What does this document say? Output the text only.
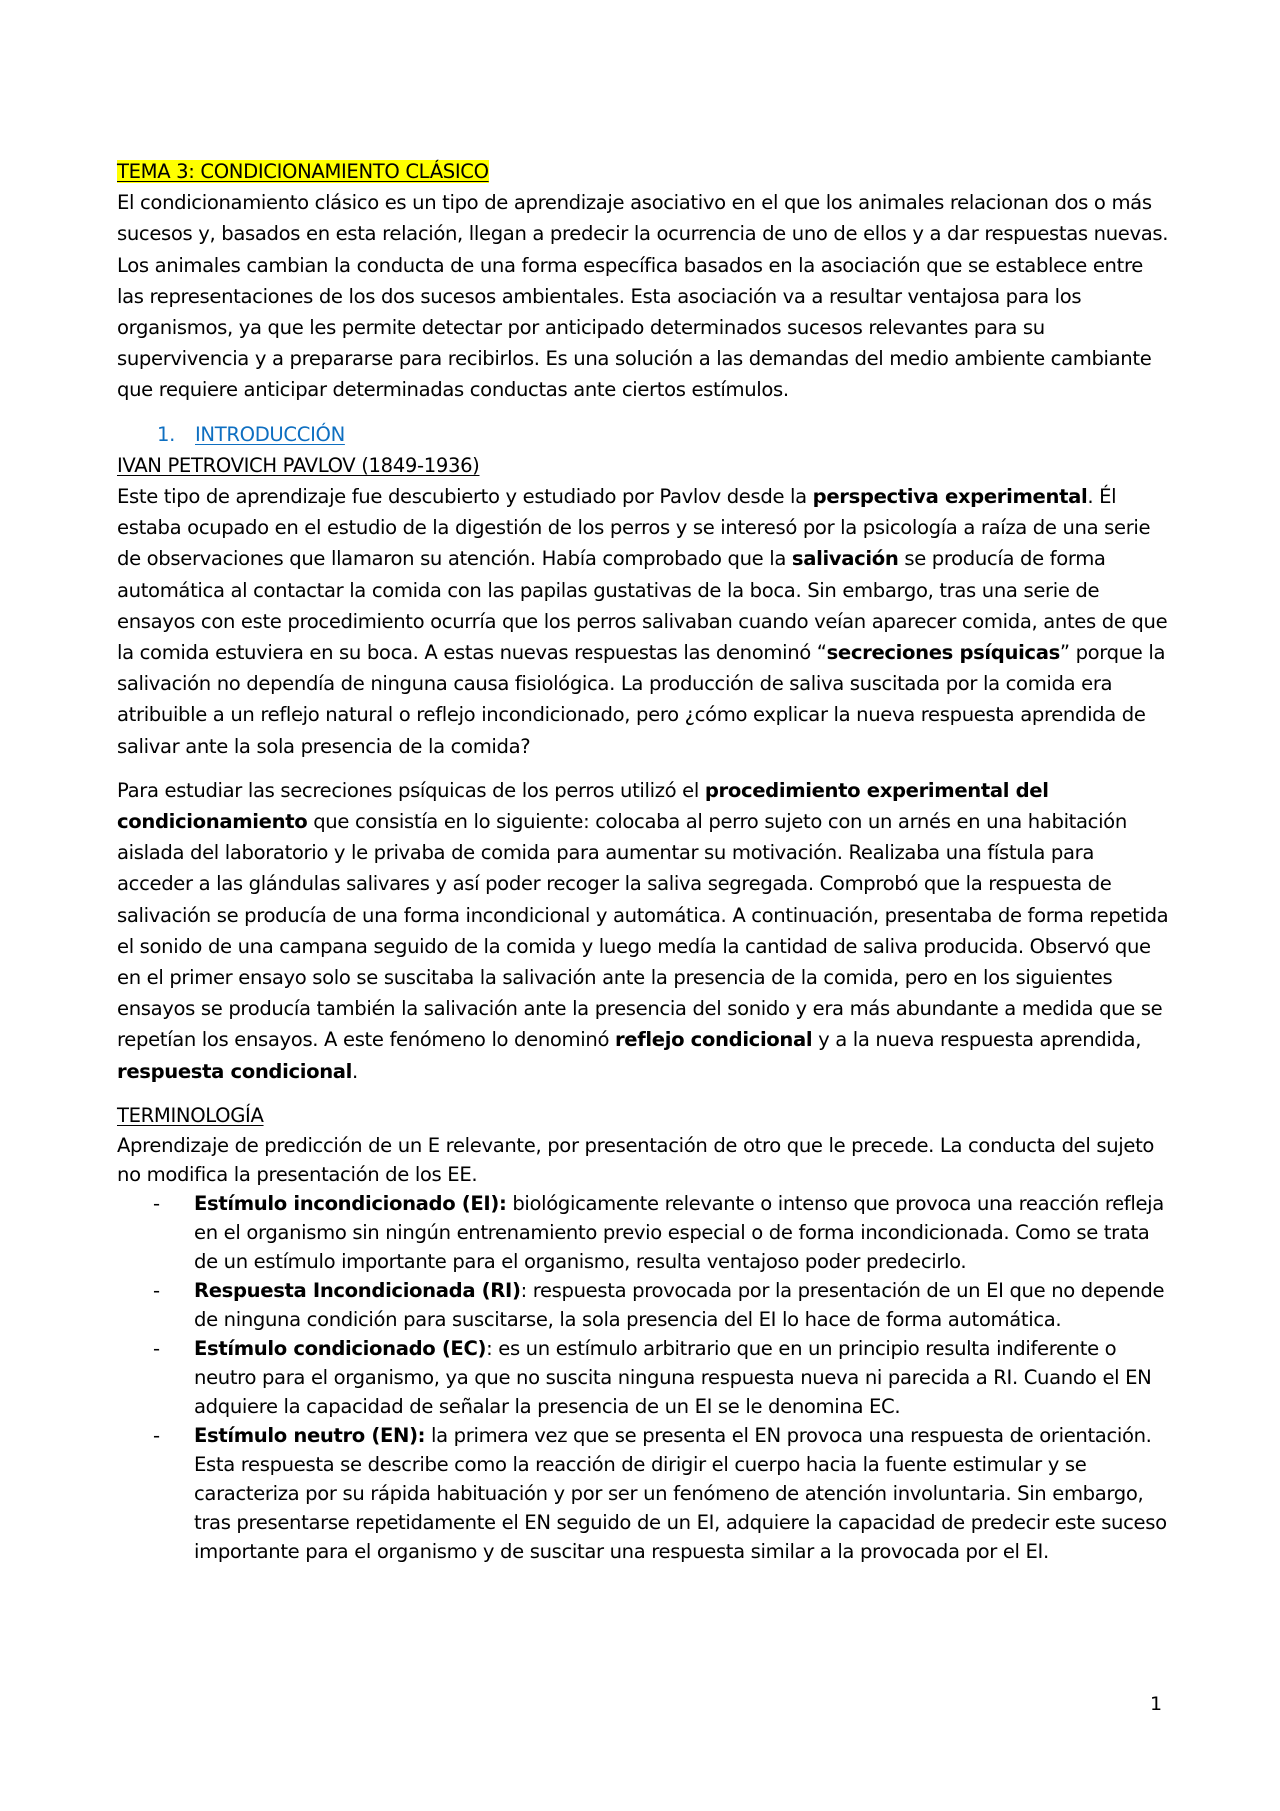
TEMA 3: CONDICIONAMIENTO CLÁSICO

El condicionamiento clásico es un tipo de aprendizaje asociativo en el que los animales relacionan dos o más sucesos y, basados en esta relación, llegan a predecir la ocurrencia de uno de ellos y a dar respuestas nuevas. Los animales cambian la conducta de una forma específica basados en la asociación que se establece entre las representaciones de los dos sucesos ambientales. Esta asociación va a resultar ventajosa para los organismos, ya que les permite detectar por anticipado determinados sucesos relevantes para su supervivencia y a prepararse para recibirlos. Es una solución a las demandas del medio ambiente cambiante que requiere anticipar determinadas conductas ante ciertos estímulos.

1. INTRODUCCIÓN

IVAN PETROVICH PAVLOV (1849-1936)

Este tipo de aprendizaje fue descubierto y estudiado por Pavlov desde la perspectiva experimental. Él estaba ocupado en el estudio de la digestión de los perros y se interesó por la psicología a raíza de una serie de observaciones que llamaron su atención. Había comprobado que la salivación se producía de forma automática al contactar la comida con las papilas gustativas de la boca. Sin embargo, tras una serie de ensayos con este procedimiento ocurría que los perros salivaban cuando veían aparecer comida, antes de que la comida estuviera en su boca. A estas nuevas respuestas las denominó “secreciones psíquicas” porque la salivación no dependía de ninguna causa fisiológica. La producción de saliva suscitada por la comida era atribuible a un reflejo natural o reflejo incondicionado, pero ¿cómo explicar la nueva respuesta aprendida de salivar ante la sola presencia de la comida?

Para estudiar las secreciones psíquicas de los perros utilizó el procedimiento experimental del condicionamiento que consistía en lo siguiente: colocaba al perro sujeto con un arnés en una habitación aislada del laboratorio y le privaba de comida para aumentar su motivación. Realizaba una fístula para acceder a las glándulas salivares y así poder recoger la saliva segregada. Comprobó que la respuesta de salivación se producía de una forma incondicional y automática. A continuación, presentaba de forma repetida el sonido de una campana seguido de la comida y luego medía la cantidad de saliva producida. Observó que en el primer ensayo solo se suscitaba la salivación ante la presencia de la comida, pero en los siguientes ensayos se producía también la salivación ante la presencia del sonido y era más abundante a medida que se repetían los ensayos. A este fenómeno lo denominó reflejo condicional y a la nueva respuesta aprendida, respuesta condicional.

TERMINOLOGÍA

Aprendizaje de predicción de un E relevante, por presentación de otro que le precede. La conducta del sujeto no modifica la presentación de los EE.

- Estímulo incondicionado (EI): biológicamente relevante o intenso que provoca una reacción refleja en el organismo sin ningún entrenamiento previo especial o de forma incondicionada. Como se trata de un estímulo importante para el organismo, resulta ventajoso poder predecirlo.
- Respuesta Incondicionada (RI): respuesta provocada por la presentación de un EI que no depende de ninguna condición para suscitarse, la sola presencia del EI lo hace de forma automática.
- Estímulo condicionado (EC): es un estímulo arbitrario que en un principio resulta indiferente o neutro para el organismo, ya que no suscita ninguna respuesta nueva ni parecida a RI. Cuando el EN adquiere la capacidad de señalar la presencia de un EI se le denomina EC.
- Estímulo neutro (EN): la primera vez que se presenta el EN provoca una respuesta de orientación. Esta respuesta se describe como la reacción de dirigir el cuerpo hacia la fuente estimular y se caracteriza por su rápida habituación y por ser un fenómeno de atención involuntaria. Sin embargo, tras presentarse repetidamente el EN seguido de un EI, adquiere la capacidad de predecir este suceso importante para el organismo y de suscitar una respuesta similar a la provocada por el EI.
1
